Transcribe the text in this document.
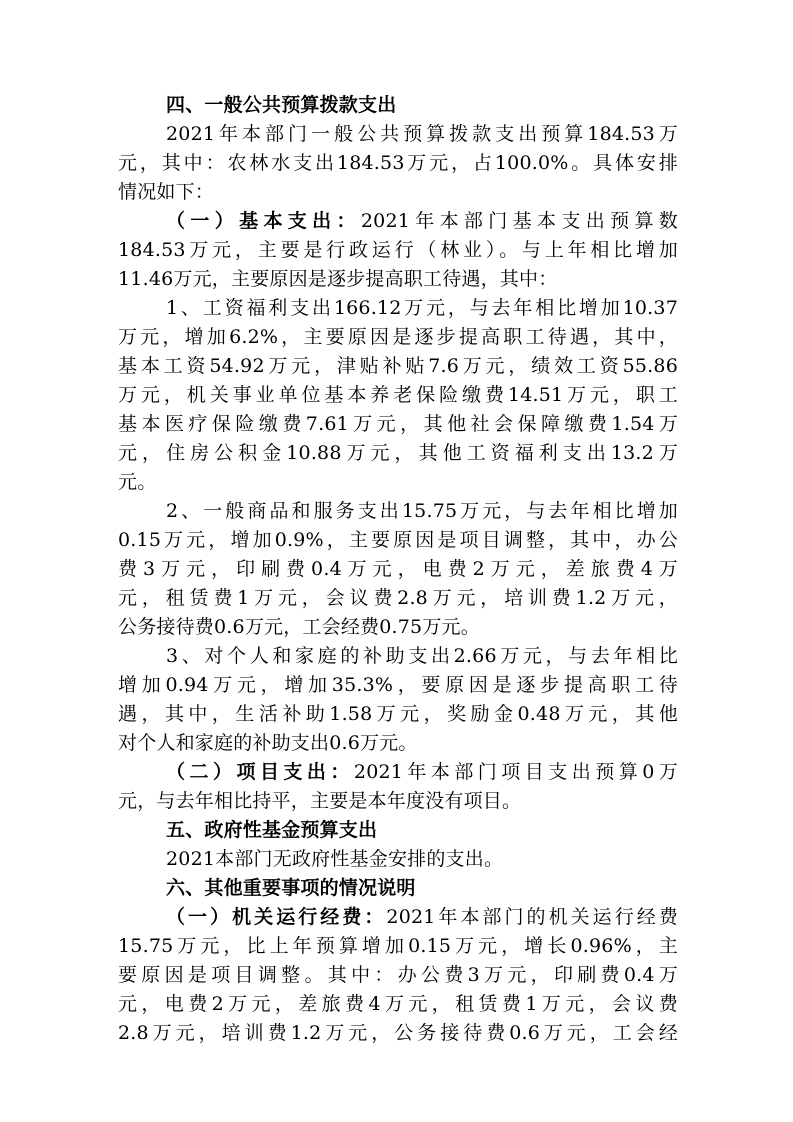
四、一般公共预算拨款支出
2021年本部门一般公共预算拨款支出预算184.53万
元，其中：农林水支出184.53万元，占100.0%。具体安排
情况如下：
（一）基本支出：2021年本部门基本支出预算数
184.53万元，主要是行政运行（林业）。与上年相比增加
11.46万元，主要原因是逐步提高职工待遇，其中：
1、工资福利支出166.12万元，与去年相比增加10.37
万元，增加6.2%，主要原因是逐步提高职工待遇，其中，
基本工资54.92万元，津贴补贴7.6万元，绩效工资55.86
万元，机关事业单位基本养老保险缴费14.51万元，职工
基本医疗保险缴费7.61万元，其他社会保障缴费1.54万
元，住房公积金10.88万元，其他工资福利支出13.2万
元。
2、一般商品和服务支出15.75万元，与去年相比增加
0.15万元，增加0.9%，主要原因是项目调整，其中，办公
费3万元，印刷费0.4万元，电费2万元，差旅费4万
元，租赁费1万元，会议费2.8万元，培训费1.2万元，
公务接待费0.6万元，工会经费0.75万元。
3、对个人和家庭的补助支出2.66万元，与去年相比
增加0.94万元，增加35.3%，要原因是逐步提高职工待
遇，其中，生活补助1.58万元，奖励金0.48万元，其他
对个人和家庭的补助支出0.6万元。
（二）项目支出：2021年本部门项目支出预算0万
元，与去年相比持平，主要是本年度没有项目。
五、政府性基金预算支出
2021本部门无政府性基金安排的支出。
六、其他重要事项的情况说明
（一）机关运行经费：2021年本部门的机关运行经费
15.75万元，比上年预算增加0.15万元，增长0.96%，主
要原因是项目调整。其中：办公费3万元，印刷费0.4万
元，电费2万元，差旅费4万元，租赁费1万元，会议费
2.8万元，培训费1.2万元，公务接待费0.6万元，工会经
